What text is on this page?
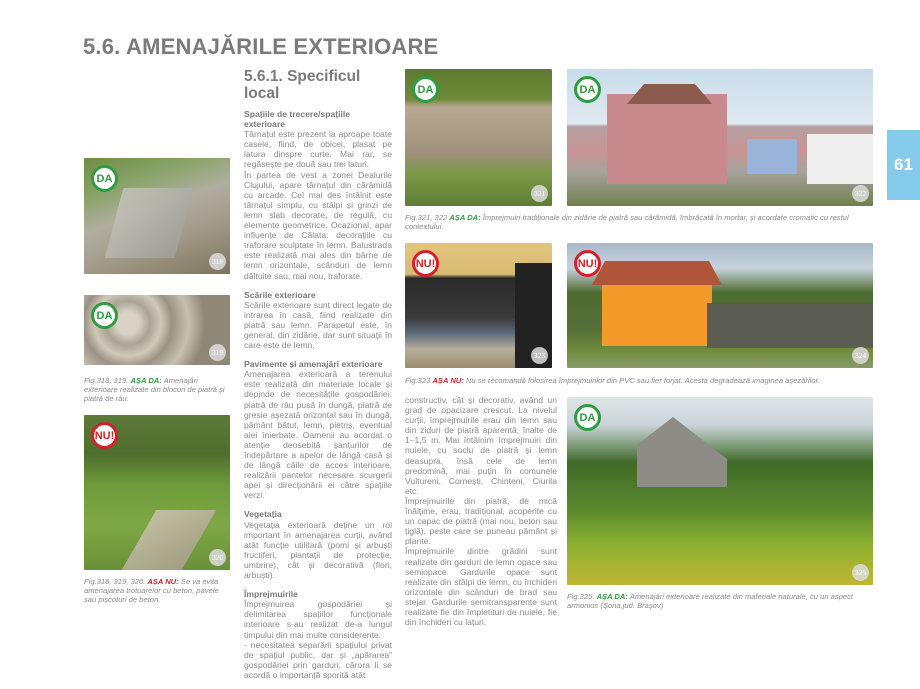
5.6. AMENAJĂRILE EXTERIOARE
5.6.1. Specificul local
61
DA
318
DA
319
Fig.318, 319. AȘA DA: Amenajări exterioare realizate din blocuri de piatră și piatră de râu.
NU!
320
Fig.318, 319, 320. AȘA NU: Se va evita amenajarea trotuarelor cu beton, pavele sau pișcoturi de beton.
Spațiile de trecere/spațiile exterioare

Târnațul este prezent la aproape toate casele, fiind, de obicei, plasat pe latura dinspre curte. Mai rar, se regăsește pe două sau trei laturi.

În partea de vest a zonei Dealurile Clujului, apare târnațul din cărămidă cu arcade. Cel mai des întâlnit este târnațul simplu, cu stâlpi și grinzi de lemn slab decorate, de regulă, cu elemente geometrice. Ocazional, apar influențe de Călata: decorațiile cu traforare sculptate în lemn. Balustrada este realizată mai ales din bârne de lemn orizontale, scânduri de lemn dăltuite sau, mai nou, traforate.

Scările exterioare

Scările exterioare sunt direct legate de intrarea în casă, fiind realizate din piatră sau lemn. Parapetul este, în general, din zidărie, dar sunt situații în care este de lemn.

Pavimente și amenajări exterioare

Amenajarea exterioară a terenului este realizată din materiale locale și depinde de necesitățile gospodăriei: piatră de râu pusă în dungă, piatră de gresie așezată orizontal sau în dungă, pământ bătut, lemn, pietriș, eventual alei înierbate. Oamenii au acordat o atenție deosebită șanțurilor de îndepărtare a apelor de lângă casă și de lângă căile de acces interioare, realizării pantelor necesare scurgerii apei și direcționării ei către spațiile verzi.

Vegetația

Vegetația exterioară deține un rol important în amenajarea curții, având atât funcție utilitară (pomi și arbuști fructiferi, plantații de protecție, umbrire), cât și decorativă (flori, arbuști).

Împrejmuirile

Împrejmuirea gospodăriei și delimitarea spațiilor funcționale interioare s-au realizat de-a lungul timpului din mai multe considerente:

- necesitatea separării spațiului privat de spațiul public, dar și „apărarea” gospodăriei prin garduri, cărora li se acordă o importanță sporită atât

constructiv, cât și decorativ, având un grad de opacizare crescut. La nivelul curții, împrejmuirile erau din lemn sau din ziduri de piatră aparentă, înalte de 1–1,5 m. Mai întâlnim împrejmuiri din nuiele, cu soclu de piatră și lemn deasupra, însă cele de lemn predomină, mai puțin în comunele Vultureni, Cornești, Chinteni, Ciurila etc.

Împrejmuirile din piatră, de mică înălțime, erau, tradițional, acoperite cu un capac de piatră (mai nou, beton sau țiglă), peste care se puneau pământ și plante.

Împrejmuirile dintre grădini sunt realizate din garduri de lemn opace sau semiopace. Gardurile opace sunt realizate din stâlpi de lemn, cu închideri orizontale din scânduri de brad sau stejar. Gardurile semitransparente sunt realizate fie din împletituri de nuiele, fie din închideri cu lațuri.

DA
321
DA
322
Fig.321, 322 AȘA DA: Împrejmuiri tradiționale din zidărie de piatră sau cărămidă, îmbrăcată în mortar, și acordate cromatic cu restul contextului.
NU!
323
NU!
324
Fig.323 AȘA NU: Nu se recomandă folosirea împrejmuirilor din PVC sau fier forjat. Acesta degradează imaginea așezărilor.
DA
325
Fig.325. AȘA DA: Amenajări exterioare realizate din materiale naturale, cu un aspect armonios (Șona,jud. Brașov)
